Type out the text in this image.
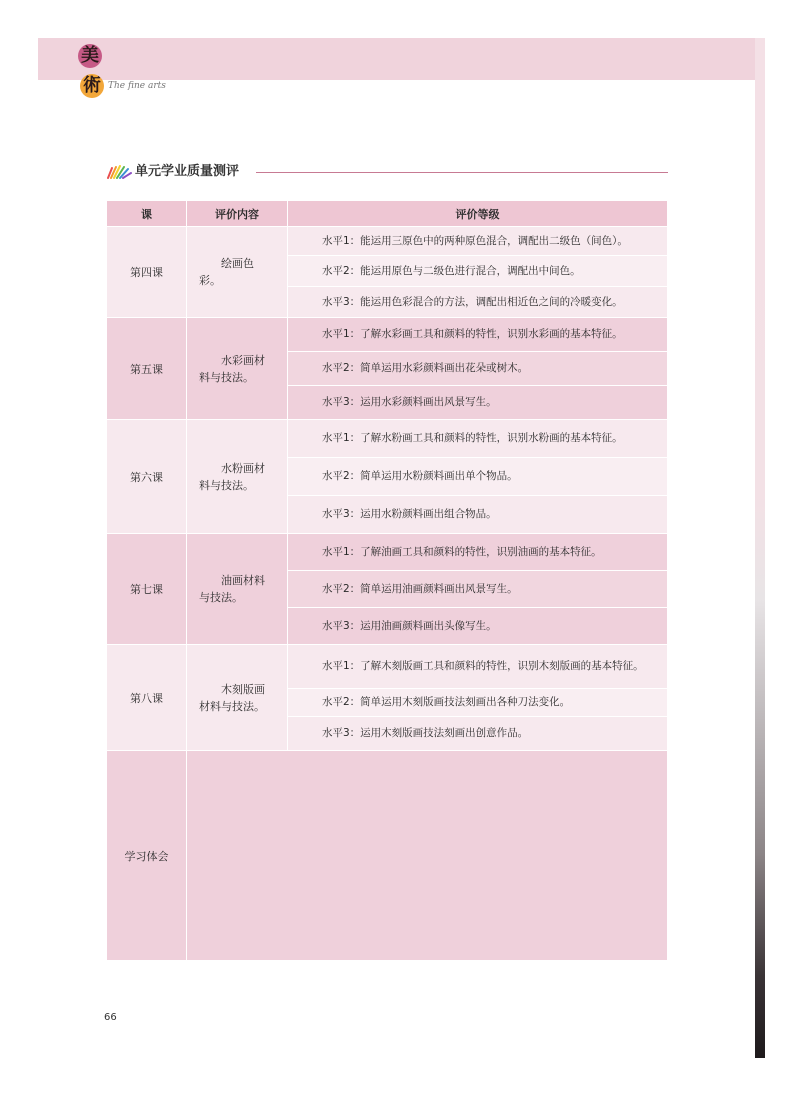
美
術 The fine arts
单元学业质量测评
课	评价内容	评价等级
第四课	绘画色彩。	水平1：能运用三原色中的两种原色混合，调配出二级色（间色）。
		水平2：能运用原色与二级色进行混合，调配出中间色。
		水平3：能运用色彩混合的方法，调配出相近色之间的冷暖变化。
第五课	水彩画材料与技法。	水平1：了解水彩画工具和颜料的特性，识别水彩画的基本特征。
		水平2：简单运用水彩颜料画出花朵或树木。
		水平3：运用水彩颜料画出风景写生。
第六课	水粉画材料与技法。	水平1：了解水粉画工具和颜料的特性，识别水粉画的基本特征。
		水平2：简单运用水粉颜料画出单个物品。
		水平3：运用水粉颜料画出组合物品。
第七课	油画材料与技法。	水平1：了解油画工具和颜料的特性，识别油画的基本特征。
		水平2：简单运用油画颜料画出风景写生。
		水平3：运用油画颜料画出头像写生。
第八课	木刻版画材料与技法。	水平1：了解木刻版画工具和颜料的特性，识别木刻版画的基本特征。
		水平2：简单运用木刻版画技法刻画出各种刀法变化。
		水平3：运用木刻版画技法刻画出创意作品。
学习体会		
66
